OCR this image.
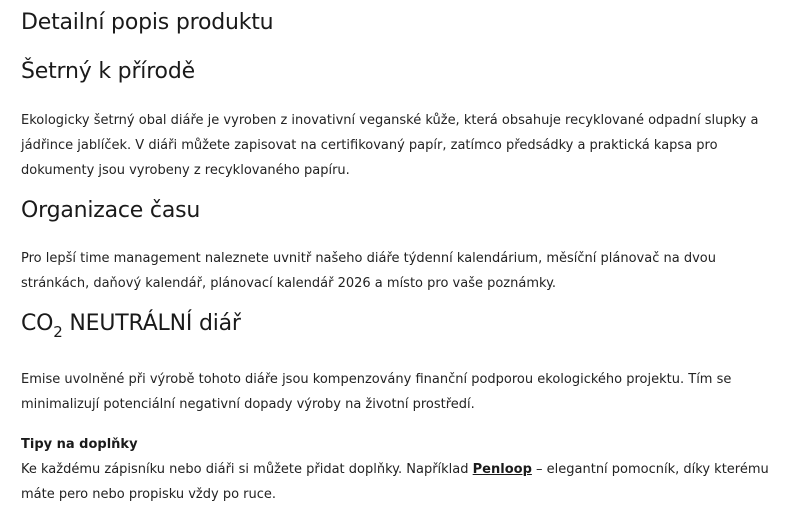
Detailní popis produktu
Šetrný k přírodě

Ekologicky šetrný obal diáře je vyroben z inovativní veganské kůže, která obsahuje recyklované odpadní slupky a jádřince jablíček. V diáři můžete zapisovat na certifikovaný papír, zatímco předsádky a praktická kapsa pro dokumenty jsou vyrobeny z recyklovaného papíru.

Organizace času

Pro lepší time management naleznete uvnitř našeho diáře týdenní kalendárium, měsíční plánovač na dvou stránkách, daňový kalendář, plánovací kalendář 2026 a místo pro vaše poznámky.

$CO_2$ NEUTRÁLNÍ diář

Emise uvolněné při výrobě tohoto diáře jsou kompenzovány finanční podporou ekologického projektu. Tím se minimalizují potenciální negativní dopady výroby na životní prostředí.

Tipy na doplňky

Ke každému zápisníku nebo diáři si můžete přidat doplňky. Například Penloop – elegantní pomocník, díky kterému máte pero nebo propisku vždy po ruce.
